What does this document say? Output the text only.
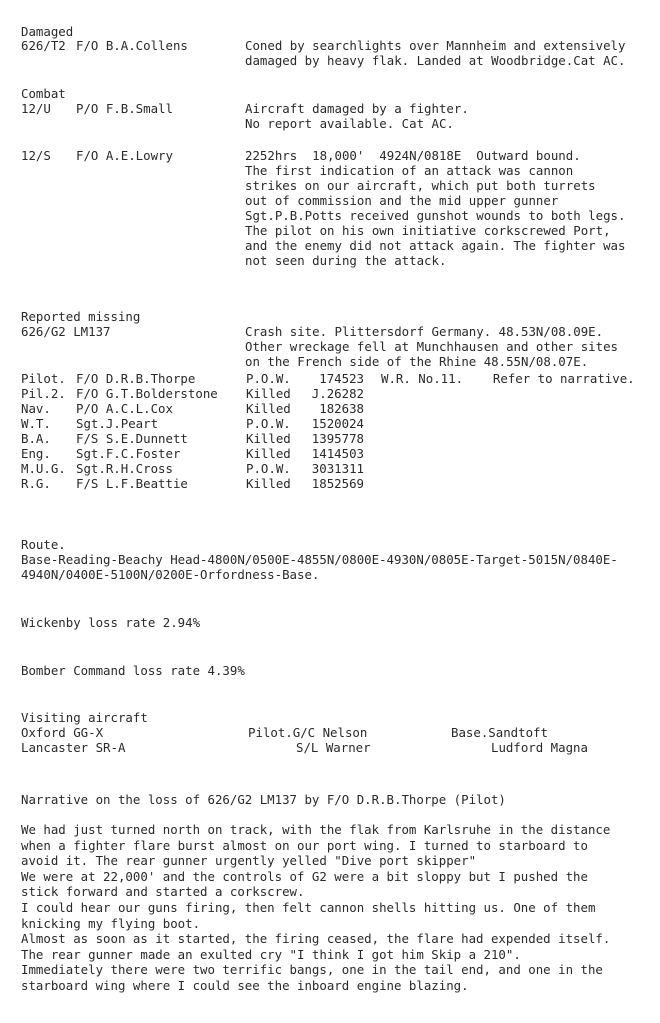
Damaged
626/T2 F/O B.A.Collens	Coned by searchlights over Mannheim and extensively
damaged by heavy flak. Landed at Woodbridge.Cat AC.
Combat
12/U P/O F.B.Small	Aircraft damaged by a fighter.
No report available. Cat AC.
12/S F/O A.E.Lowry	2252hrs  18,000'  4924N/0818E  Outward bound.
The first indication of an attack was cannon
strikes on our aircraft, which put both turrets
out of commission and the mid upper gunner
Sgt.P.B.Potts received gunshot wounds to both legs.
The pilot on his own initiative corkscrewed Port,
and the enemy did not attack again. The fighter was
not seen during the attack.
Reported missing
626/G2 LM137	Crash site. Plittersdorf Germany. 48.53N/08.09E.
Other wreckage fell at Munchhausen and other sites
on the French side of the Rhine 48.55N/08.07E.
Pilot. F/O D.R.B.Thorpe	P.O.W.	174523 W.R. No.11.    Refer to narrative.
Pil.2. F/O G.T.Bolderstone Killed	J.26282
Nav. P/O A.C.L.Cox	Killed	182638
W.T. Sgt.J.Peart	P.O.W.	1520024
B.A. F/S S.E.Dunnett	Killed	1395778
Eng. Sgt.F.C.Foster	Killed	1414503
M.U.G. Sgt.R.H.Cross	P.O.W.	3031311
R.G. F/S L.F.Beattie	Killed	1852569
Route.
Base-Reading-Beachy Head-4800N/0500E-4855N/0800E-4930N/0805E-Target-5015N/0840E-
4940N/0400E-5100N/0200E-Orfordness-Base.
Wickenby loss rate 2.94%
Bomber Command loss rate 4.39%
Visiting aircraft
Oxford GG-X	Pilot.G/C Nelson	Base.Sandtoft
Lancaster SR-A	S/L Warner	Ludford Magna
Narrative on the loss of 626/G2 LM137 by F/O D.R.B.Thorpe (Pilot)
We had just turned north on track, with the flak from Karlsruhe in the distance
when a fighter flare burst almost on our port wing. I turned to starboard to
avoid it. The rear gunner urgently yelled "Dive port skipper"
We were at 22,000' and the controls of G2 were a bit sloppy but I pushed the
stick forward and started a corkscrew.
I could hear our guns firing, then felt cannon shells hitting us. One of them
knicking my flying boot.
Almost as soon as it started, the firing ceased, the flare had expended itself.
The rear gunner made an exulted cry "I think I got him Skip a 210".
Immediately there were two terrific bangs, one in the tail end, and one in the
starboard wing where I could see the inboard engine blazing.
